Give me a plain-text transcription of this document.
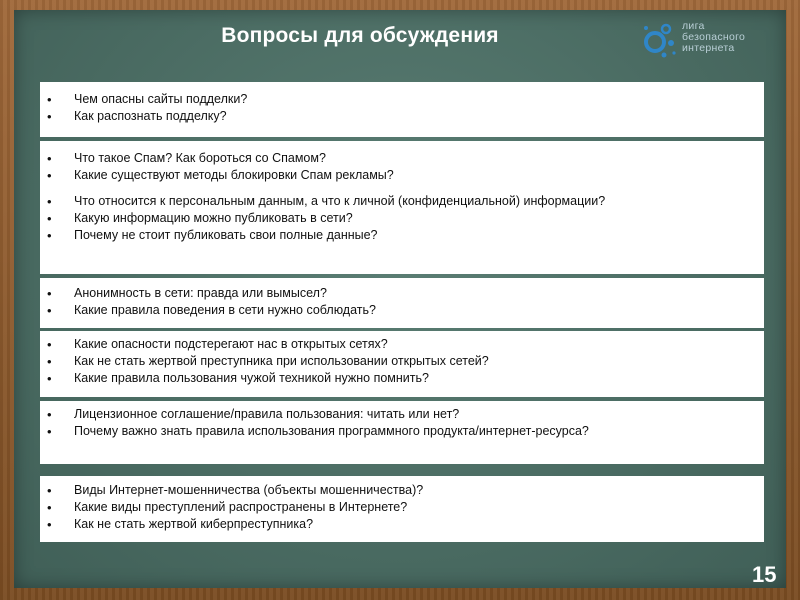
Вопросы для обсуждения	лига
безопасного
интернета
• Чем опасны сайты подделки?
• Как распознать подделку?
• Что такое Спам? Как бороться со Спамом?
• Какие существуют методы блокировки Спам рекламы?
• Что относится к персональным данным, а что к личной (конфиденциальной) информации?
• Какую информацию можно публиковать в сети?
• Почему не стоит публиковать свои полные данные?
• Анонимность в сети: правда или вымысел?
• Какие правила поведения в сети нужно соблюдать?
• Какие опасности подстерегают нас в открытых сетях?
• Как не стать жертвой преступника при использовании открытых сетей?
• Какие правила пользования чужой техникой нужно помнить?
• Лицензионное соглашение/правила пользования: читать или нет?
• Почему важно знать правила использования программного продукта/интернет-ресурса?
• Виды Интернет-мошенничества (объекты мошенничества)?
• Какие виды преступлений распространены в Интернете?
• Как не стать жертвой киберпреступника?
15
